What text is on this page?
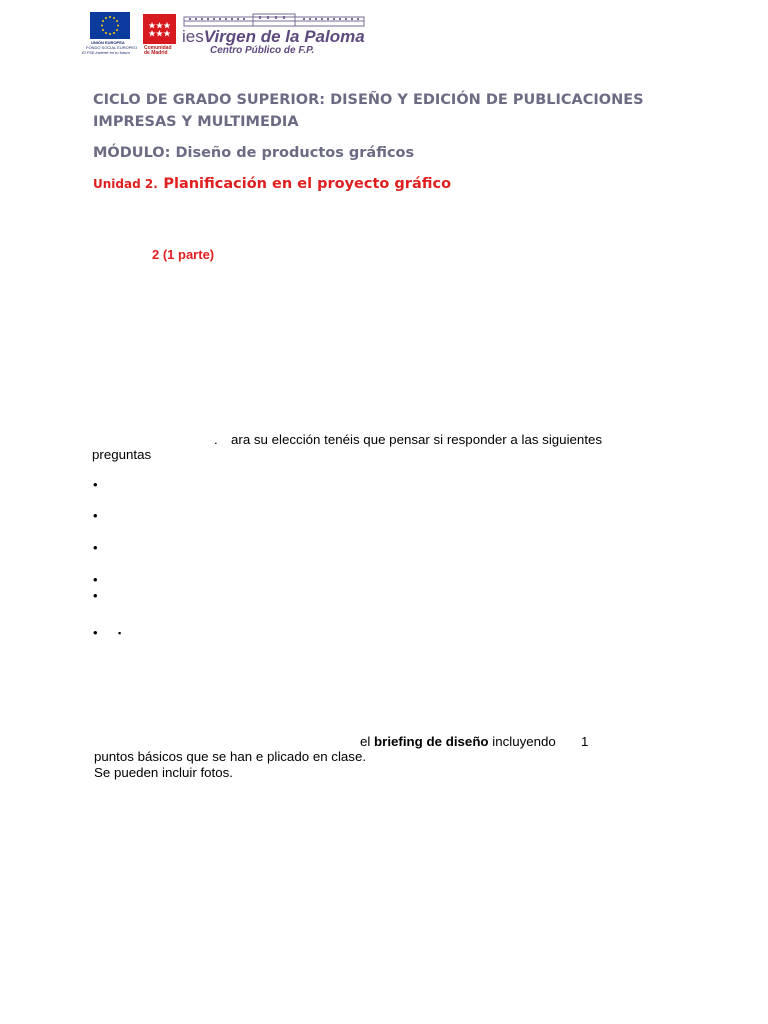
UNIÓN EUROPEA
FONDO SOCIAL EUROPEO
El FSE invierte en tu futuro
Comunidad
de Madrid
iesVirgen de la Paloma
Centro Público de F.P.
CICLO DE GRADO SUPERIOR: DISEÑO Y EDICIÓN DE PUBLICACIONES
IMPRESAS Y MULTIMEDIA
MÓDULO: Diseño de productos gráficos
Unidad 2. Planificación en el proyecto gráfico
2 (1 parte)
. ara su elección tenéis que pensar si responder a las siguientes
preguntas
•
•
•
•
•
• ▪
el briefing de diseño incluyendo 1
puntos básicos que se han e plicado en clase.
Se pueden incluir fotos.
